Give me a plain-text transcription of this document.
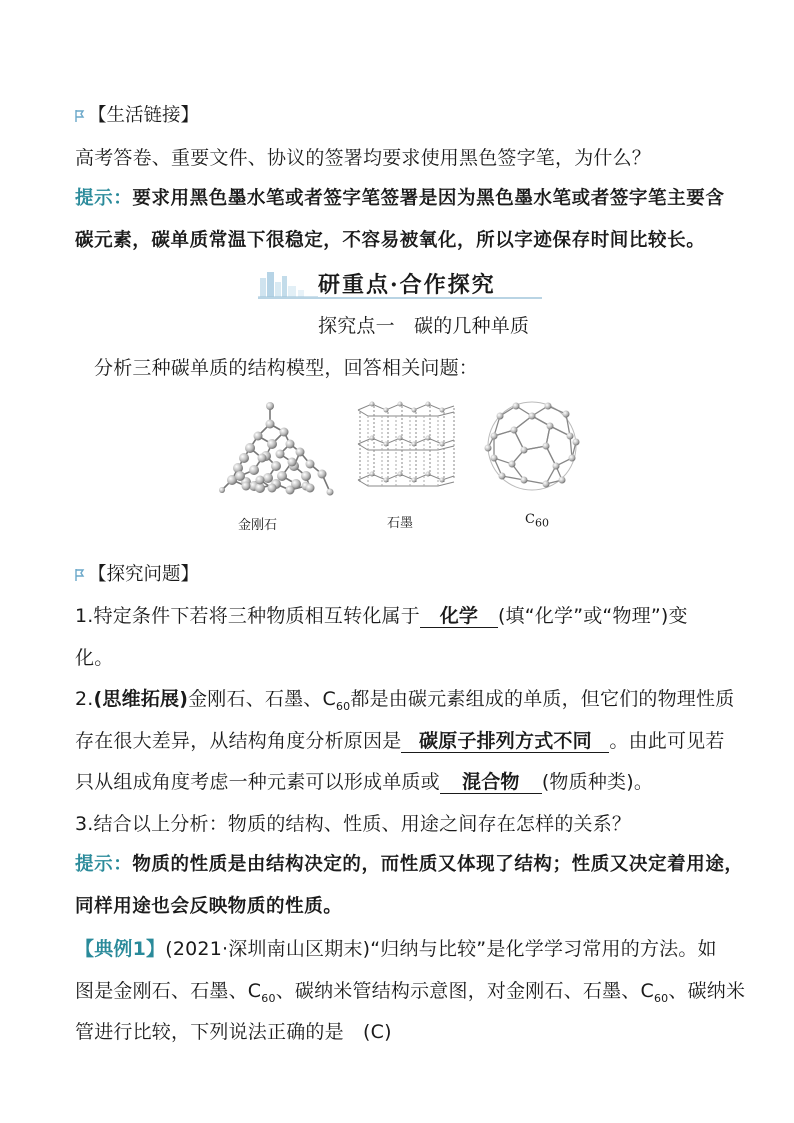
【生活链接】
高考答卷、重要文件、协议的签署均要求使用黑色签字笔，为什么？
提示：要求用黑色墨水笔或者签字笔签署是因为黑色墨水笔或者签字笔主要含
碳元素，碳单质常温下很稳定，不容易被氧化，所以字迹保存时间比较长。
研重点·合作探究
探究点一　碳的几种单质
分析三种碳单质的结构模型，回答相关问题：
金刚石	石墨	$C_{60}$
【探究问题】
1.特定条件下若将三种物质相互转化属于 化学 (填“化学”或“物理”)变
化。
2.(思维拓展)金刚石、石墨、$C_{60}$都是由碳元素组成的单质，但它们的物理性质
存在很大差异，从结构角度分析原因是 碳原子排列方式不同 。由此可见若
只从组成角度考虑一种元素可以形成单质或 混合物 (物质种类)。
3.结合以上分析：物质的结构、性质、用途之间存在怎样的关系？
提示：物质的性质是由结构决定的，而性质又体现了结构；性质又决定着用途，
同样用途也会反映物质的性质。
【典例1】(2021·深圳南山区期末)“归纳与比较”是化学学习常用的方法。如
图是金刚石、石墨、$C_{60}$、碳纳米管结构示意图，对金刚石、石墨、$C_{60}$、碳纳米
管进行比较，下列说法正确的是　(C)
